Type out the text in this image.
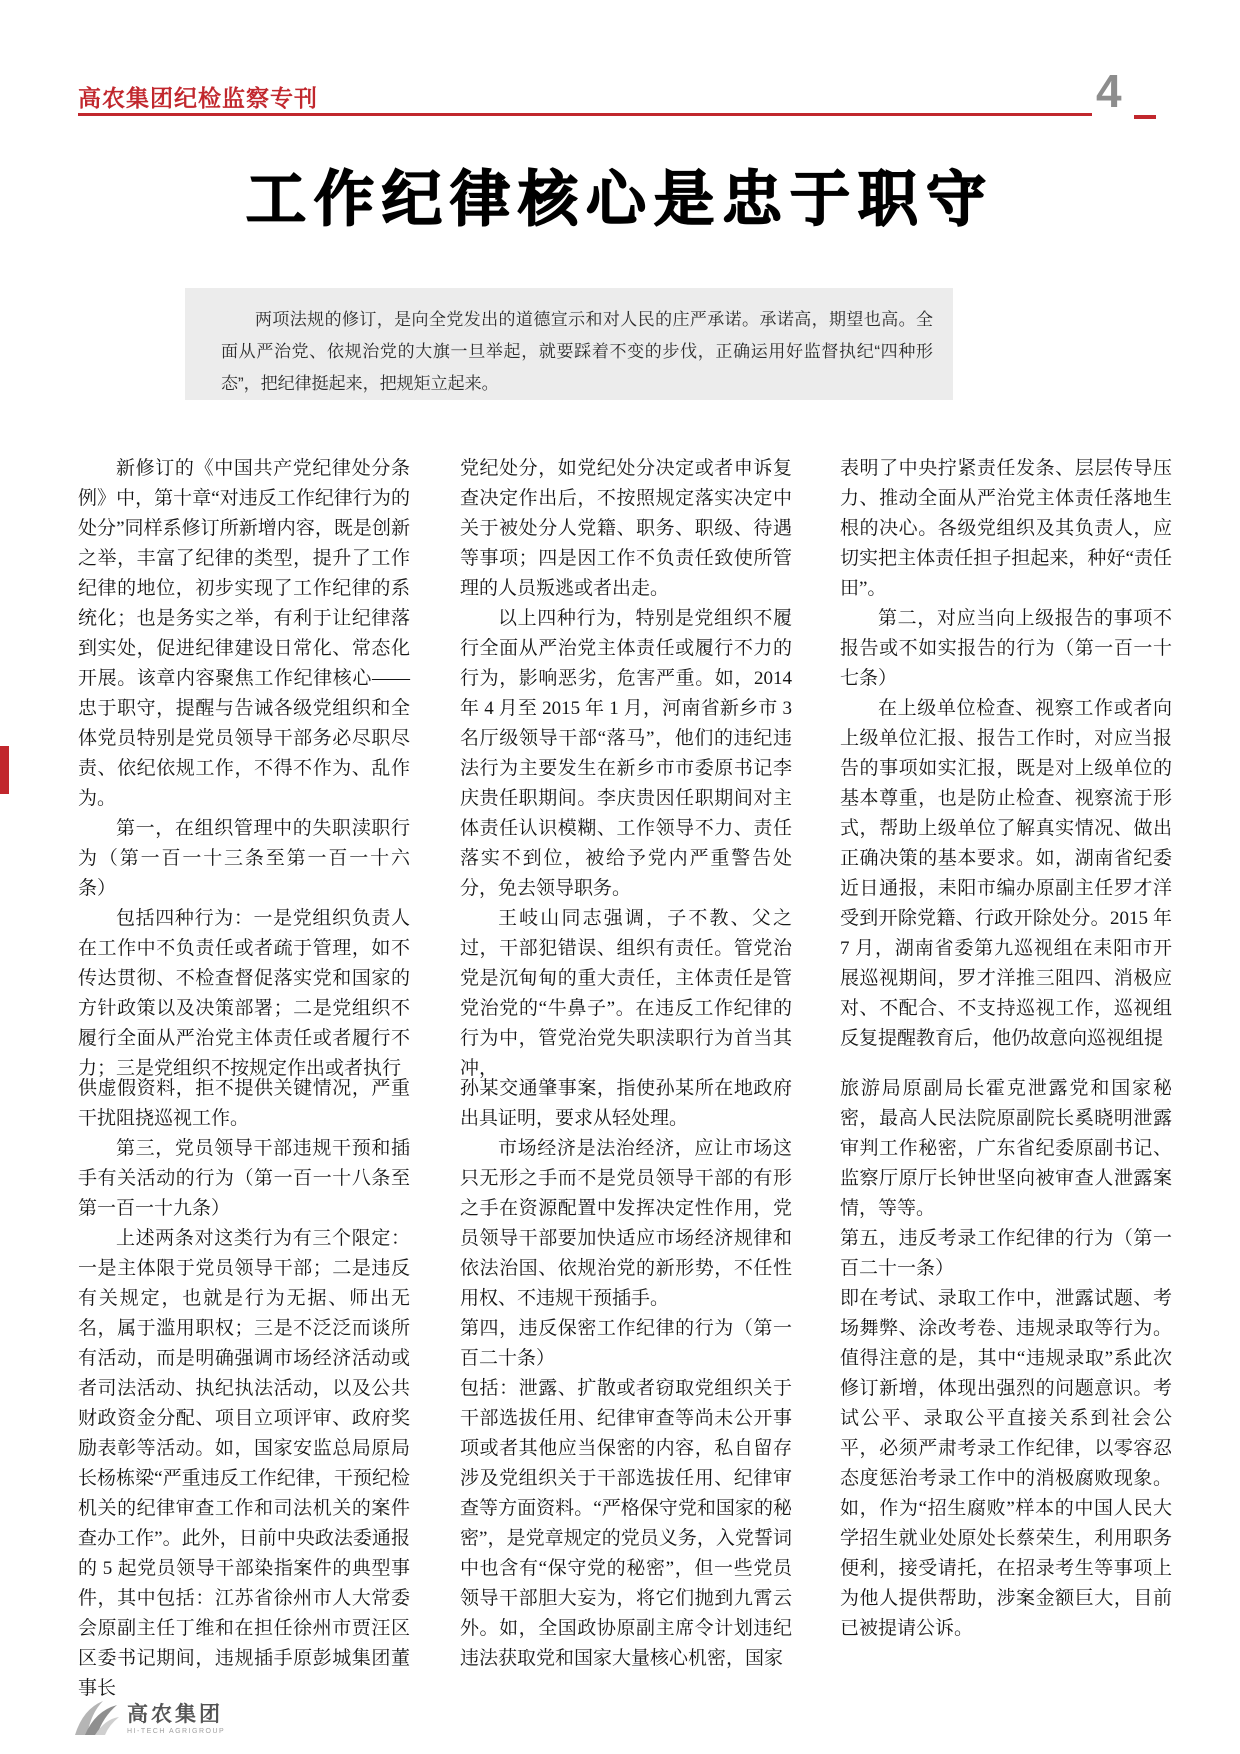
高农集团纪检监察专刊	4
工作纪律核心是忠于职守

两项法规的修订，是向全党发出的道德宣示和对人民的庄严承诺。承诺高，期望也高。全面从严治党、依规治党的大旗一旦举起，就要踩着不变的步伐，正确运用好监督执纪“四种形态”，把纪律挺起来，把规矩立起来。

新修订的《中国共产党纪律处分条例》中，第十章“对违反工作纪律行为的处分”同样系修订所新增内容，既是创新之举，丰富了纪律的类型，提升了工作纪律的地位，初步实现了工作纪律的系统化；也是务实之举，有利于让纪律落到实处，促进纪律建设日常化、常态化开展。该章内容聚焦工作纪律核心——忠于职守，提醒与告诫各级党组织和全体党员特别是党员领导干部务必尽职尽责、依纪依规工作，不得不作为、乱作为。

第一，在组织管理中的失职渎职行为（第一百一十三条至第一百一十六条）

包括四种行为：一是党组织负责人在工作中不负责任或者疏于管理，如不传达贯彻、不检查督促落实党和国家的方针政策以及决策部署；二是党组织不履行全面从严治党主体责任或者履行不力；三是党组织不按规定作出或者执行

党纪处分，如党纪处分决定或者申诉复查决定作出后，不按照规定落实决定中关于被处分人党籍、职务、职级、待遇等事项；四是因工作不负责任致使所管理的人员叛逃或者出走。

以上四种行为，特别是党组织不履行全面从严治党主体责任或履行不力的行为，影响恶劣，危害严重。如，2014 年 4 月至 2015 年 1 月，河南省新乡市 3 名厅级领导干部“落马”，他们的违纪违法行为主要发生在新乡市市委原书记李庆贵任职期间。李庆贵因任职期间对主体责任认识模糊、工作领导不力、责任落实不到位，被给予党内严重警告处分，免去领导职务。

王岐山同志强调，子不教、父之过，干部犯错误、组织有责任。管党治党是沉甸甸的重大责任，主体责任是管党治党的“牛鼻子”。在违反工作纪律的行为中，管党治党失职渎职行为首当其冲，

表明了中央拧紧责任发条、层层传导压力、推动全面从严治党主体责任落地生根的决心。各级党组织及其负责人，应切实把主体责任担子担起来，种好“责任田”。

第二，对应当向上级报告的事项不报告或不如实报告的行为（第一百一十七条）

在上级单位检查、视察工作或者向上级单位汇报、报告工作时，对应当报告的事项如实汇报，既是对上级单位的基本尊重，也是防止检查、视察流于形式，帮助上级单位了解真实情况、做出正确决策的基本要求。如，湖南省纪委近日通报，耒阳市编办原副主任罗才洋受到开除党籍、行政开除处分。2015 年 7 月，湖南省委第九巡视组在耒阳市开展巡视期间，罗才洋推三阻四、消极应对、不配合、不支持巡视工作，巡视组反复提醒教育后，他仍故意向巡视组提

供虚假资料，拒不提供关键情况，严重干扰阻挠巡视工作。

第三，党员领导干部违规干预和插手有关活动的行为（第一百一十八条至第一百一十九条）

上述两条对这类行为有三个限定：一是主体限于党员领导干部；二是违反有关规定，也就是行为无据、师出无名，属于滥用职权；三是不泛泛而谈所有活动，而是明确强调市场经济活动或者司法活动、执纪执法活动，以及公共财政资金分配、项目立项评审、政府奖励表彰等活动。如，国家安监总局原局长杨栋梁“严重违反工作纪律，干预纪检机关的纪律审查工作和司法机关的案件查办工作”。此外，日前中央政法委通报的 5 起党员领导干部染指案件的典型事件，其中包括：江苏省徐州市人大常委会原副主任丁维和在担任徐州市贾汪区区委书记期间，违规插手原彭城集团董事长

孙某交通肇事案，指使孙某所在地政府出具证明，要求从轻处理。

市场经济是法治经济，应让市场这只无形之手而不是党员领导干部的有形之手在资源配置中发挥决定性作用，党员领导干部要加快适应市场经济规律和依法治国、依规治党的新形势，不任性用权、不违规干预插手。

第四，违反保密工作纪律的行为（第一百二十条）

包括：泄露、扩散或者窃取党组织关于干部选拔任用、纪律审查等尚未公开事项或者其他应当保密的内容，私自留存涉及党组织关于干部选拔任用、纪律审查等方面资料。“严格保守党和国家的秘密”，是党章规定的党员义务，入党誓词中也含有“保守党的秘密”，但一些党员领导干部胆大妄为，将它们抛到九霄云外。如，全国政协原副主席令计划违纪违法获取党和国家大量核心机密，国家

旅游局原副局长霍克泄露党和国家秘密，最高人民法院原副院长奚晓明泄露审判工作秘密，广东省纪委原副书记、监察厅原厅长钟世坚向被审查人泄露案情，等等。

第五，违反考录工作纪律的行为（第一百二十一条）

即在考试、录取工作中，泄露试题、考场舞弊、涂改考卷、违规录取等行为。值得注意的是，其中“违规录取”系此次修订新增，体现出强烈的问题意识。考试公平、录取公平直接关系到社会公平，必须严肃考录工作纪律，以零容忍态度惩治考录工作中的消极腐败现象。如，作为“招生腐败”样本的中国人民大学招生就业处原处长蔡荣生，利用职务便利，接受请托，在招录考生等事项上为他人提供帮助，涉案金额巨大，目前已被提请公诉。

高农集团
HI-TECH AGRIGROUP
